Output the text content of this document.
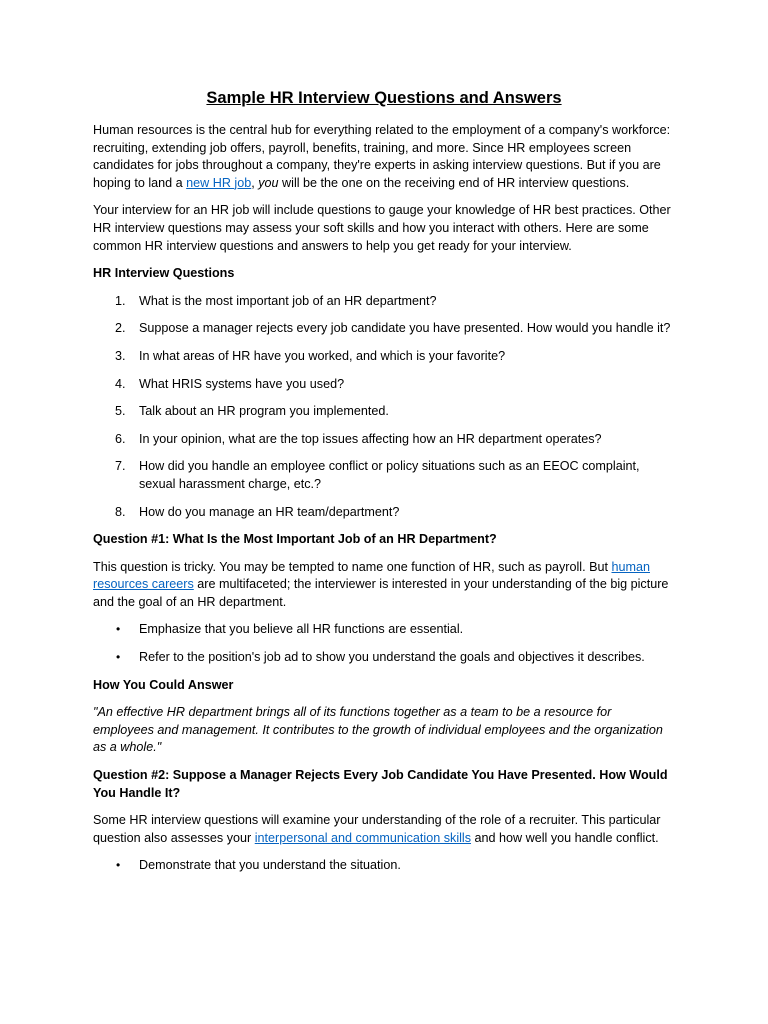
Sample HR Interview Questions and Answers

Human resources is the central hub for everything related to the employment of a company's workforce: recruiting, extending job offers, payroll, benefits, training, and more. Since HR employees screen candidates for jobs throughout a company, they're experts in asking interview questions. But if you are hoping to land a new HR job, you will be the one on the receiving end of HR interview questions.

Your interview for an HR job will include questions to gauge your knowledge of HR best practices. Other HR interview questions may assess your soft skills and how you interact with others. Here are some common HR interview questions and answers to help you get ready for your interview.

HR Interview Questions
1. What is the most important job of an HR department?
2. Suppose a manager rejects every job candidate you have presented. How would you handle it?
3. In what areas of HR have you worked, and which is your favorite?
4. What HRIS systems have you used?
5. Talk about an HR program you implemented.
6. In your opinion, what are the top issues affecting how an HR department operates?
7. How did you handle an employee conflict or policy situations such as an EEOC complaint, sexual harassment charge, etc.?
8. How do you manage an HR team/department?
Question #1: What Is the Most Important Job of an HR Department?

This question is tricky. You may be tempted to name one function of HR, such as payroll. But human resources careers are multifaceted; the interviewer is interested in your understanding of the big picture and the goal of an HR department.

• Emphasize that you believe all HR functions are essential.
• Refer to the position's job ad to show you understand the goals and objectives it describes.
How You Could Answer

"An effective HR department brings all of its functions together as a team to be a resource for employees and management. It contributes to the growth of individual employees and the organization as a whole."

Question #2: Suppose a Manager Rejects Every Job Candidate You Have Presented. How Would You Handle It?

Some HR interview questions will examine your understanding of the role of a recruiter. This particular question also assesses your interpersonal and communication skills and how well you handle conflict.

• Demonstrate that you understand the situation.
